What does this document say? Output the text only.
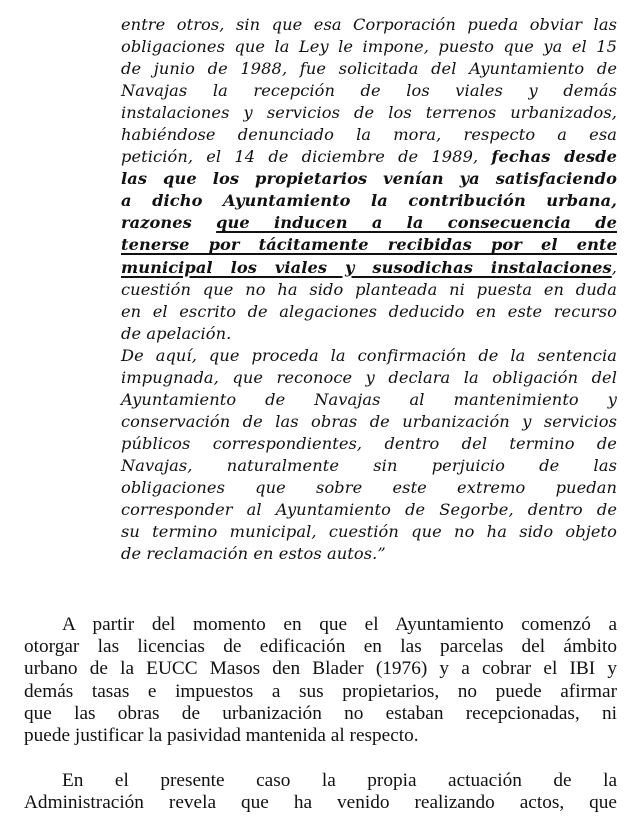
entre otros, sin que esa Corporación pueda obviar las
obligaciones que la Ley le impone, puesto que ya el 15
de junio de 1988, fue solicitada del Ayuntamiento de
Navajas la recepción de los viales y demás
instalaciones y servicios de los terrenos urbanizados,
habiéndose denunciado la mora, respecto a esa
petición, el 14 de diciembre de 1989, fechas desde
las que los propietarios venían ya satisfaciendo
a dicho Ayuntamiento la contribución urbana,
razones que inducen a la consecuencia de
tenerse por tácitamente recibidas por el ente
municipal los viales y susodichas instalaciones,
cuestión que no ha sido planteada ni puesta en duda
en el escrito de alegaciones deducido en este recurso
de apelación.
De aquí, que proceda la confirmación de la sentencia
impugnada, que reconoce y declara la obligación del
Ayuntamiento de Navajas al mantenimiento y
conservación de las obras de urbanización y servicios
públicos correspondientes, dentro del termino de
Navajas, naturalmente sin perjuicio de las
obligaciones que sobre este extremo puedan
corresponder al Ayuntamiento de Segorbe, dentro de
su termino municipal, cuestión que no ha sido objeto
de reclamación en estos autos.”
A partir del momento en que el Ayuntamiento comenzó a
otorgar las licencias de edificación en las parcelas del ámbito
urbano de la EUCC Masos den Blader (1976) y a cobrar el IBI y
demás tasas e impuestos a sus propietarios, no puede afirmar
que las obras de urbanización no estaban recepcionadas, ni
puede justificar la pasividad mantenida al respecto.
En el presente caso la propia actuación de la
Administración revela que ha venido realizando actos, que
